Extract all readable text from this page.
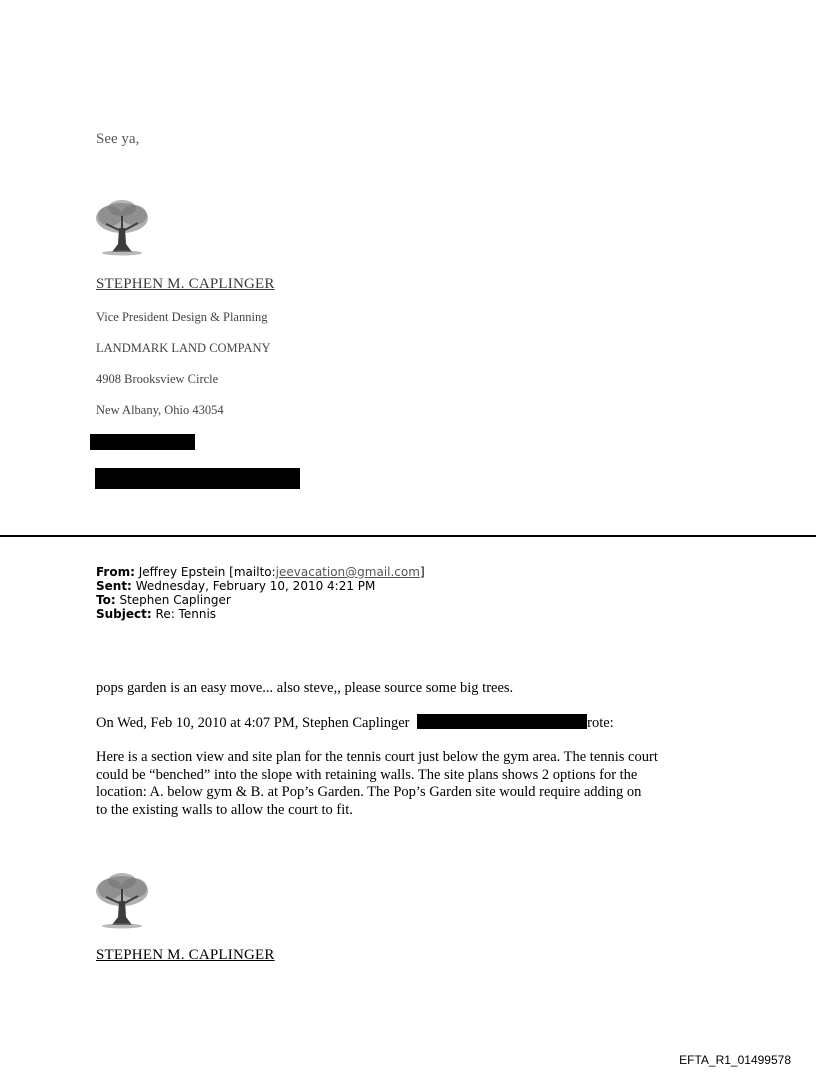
See ya,

STEPHEN M. CAPLINGER

Vice President Design & Planning

LANDMARK LAND COMPANY

4908 Brooksview Circle

New Albany, Ohio 43054

From: Jeffrey Epstein [mailto:jeevacation@gmail.com]
Sent: Wednesday, February 10, 2010 4:21 PM
To: Stephen Caplinger
Subject: Re: Tennis

pops garden is an easy move... also steve,, please source some big trees.

On Wed, Feb 10, 2010 at 4:07 PM, Stephen Caplinger	rote:

Here is a section view and site plan for the tennis court just below the gym area. The tennis court
could be “benched” into the slope with retaining walls. The site plans shows 2 options for the
location: A. below gym & B. at Pop’s Garden. The Pop’s Garden site would require adding on
to the existing walls to allow the court to fit.

STEPHEN M. CAPLINGER

EFTA_R1_01499578
